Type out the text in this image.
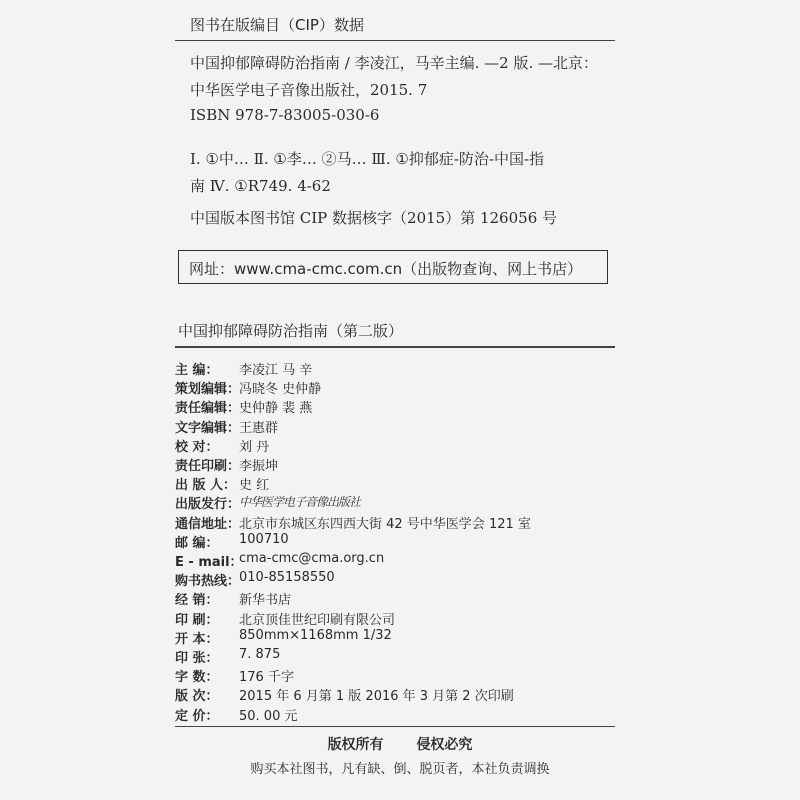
图书在版编目（CIP）数据
中国抑郁障碍防治指南 / 李凌江，马辛主编. —2 版. —北京：
中华医学电子音像出版社，2015. 7
ISBN 978-7-83005-030-6
Ⅰ. ①中… Ⅱ. ①李… ②马… Ⅲ. ①抑郁症-防治-中国-指
南 Ⅳ. ①R749. 4-62
中国版本图书馆 CIP 数据核字（2015）第 126056 号
网址：www.cma-cmc.com.cn（出版物查询、网上书店）
中国抑郁障碍防治指南（第二版）
主 编：	李凌江 马 辛
策划编辑：
冯晓冬 史仲静
责任编辑：
史仲静 裴 燕
文字编辑：
王惠群
校 对：	刘 丹
责任印刷：
李振坤
出 版 人： 史 红
出版发行：
中华医学电子音像出版社
通信地址：
北京市东城区东四西大街 42 号中华医学会 121 室
邮 编：	100710
E - mail：
cma-cmc@cma.org.cn
购书热线：
010-85158550
经 销：	新华书店
印 刷：	北京顶佳世纪印刷有限公司
开 本：	850mm×1168mm 1/32
印 张：	7. 875
字 数：	176 千字
版 次：	2015 年 6 月第 1 版 2016 年 3 月第 2 次印刷
定 价：	50. 00 元
版权所有 侵权必究
购买本社图书，凡有缺、倒、脱页者，本社负责调换
